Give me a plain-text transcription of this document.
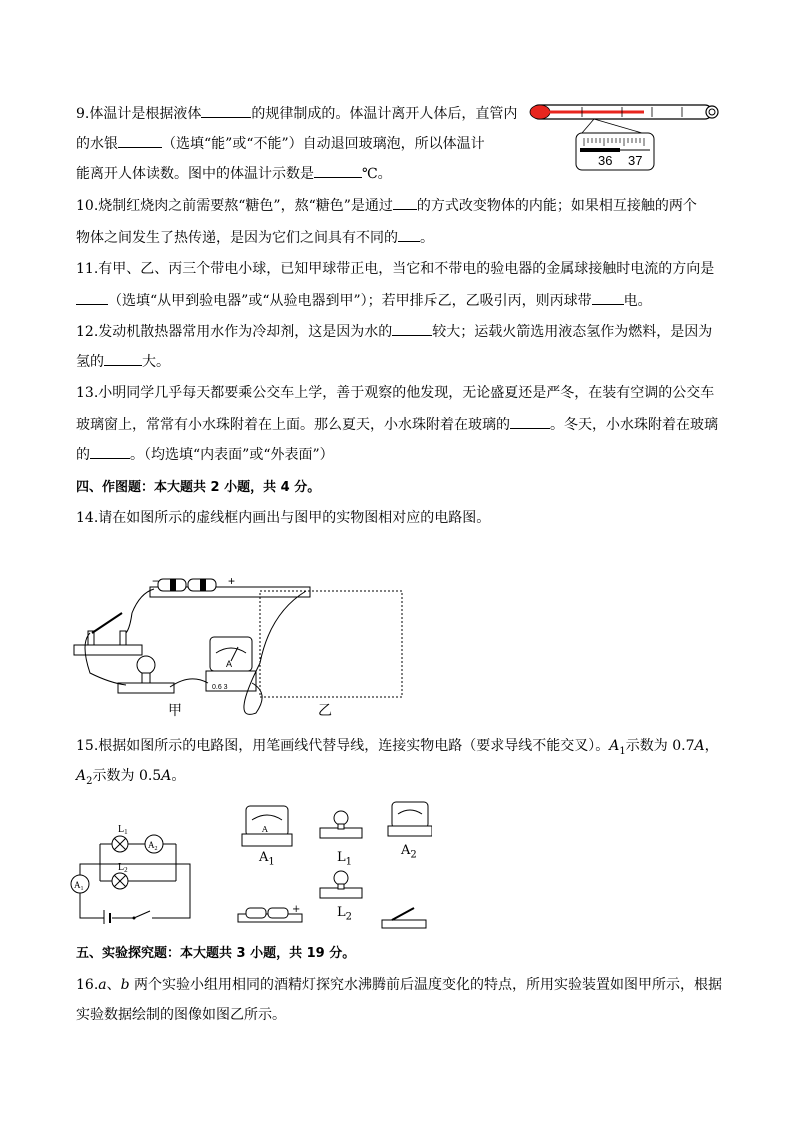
9.体温计是根据液体	的规律制成的。体温计离开人体后，直管内
的水银	（选填“能”或“不能”）自动退回玻璃泡，所以体温计
能离开人体读数。图中的体温计示数是	℃。
36 37
10.烧制红烧肉之前需要熬“糖色”，熬“糖色”是通过 的方式改变物体的内能；如果相互接触的两个
物体之间发生了热传递，是因为它们之间具有不同的 。
11.有甲、乙、丙三个带电小球，已知甲球带正电，当它和不带电的验电器的金属球接触时电流的方向是
（选填“从甲到验电器”或“从验电器到甲”）；若甲排斥乙，乙吸引丙，则丙球带 电。
12.发动机散热器常用水作为冷却剂，这是因为水的	较大；运载火箭选用液态氢作为燃料，是因为
氢的	大。
13.小明同学几乎每天都要乘公交车上学，善于观察的他发现，无论盛夏还是严冬，在装有空调的公交车
玻璃窗上，常常有小水珠附着在上面。那么夏天，小水珠附着在玻璃的	。冬天，小水珠附着在玻璃
的	。（均选填“内表面”或“外表面”）
四、作图题：本大题共 2 小题，共 4 分。
14.请在如图所示的虚线框内画出与图甲的实物图相对应的电路图。
−	+
A
0.6 3
甲	乙
15.根据如图所示的电路图，用笔画线代替导线，连接实物电路（要求导线不能交叉）。$A_1$示数为 0.7A，
$A_2$示数为 0.5A。
$L_1$
$A_2$
$L_2$
$A_1$
A
+
$A_1$	$L_1$
$A_2$
$L_2$
五、实验探究题：本大题共 3 小题，共 19 分。
16.a、b 两个实验小组用相同的酒精灯探究水沸腾前后温度变化的特点，所用实验装置如图甲所示，根据
实验数据绘制的图像如图乙所示。
